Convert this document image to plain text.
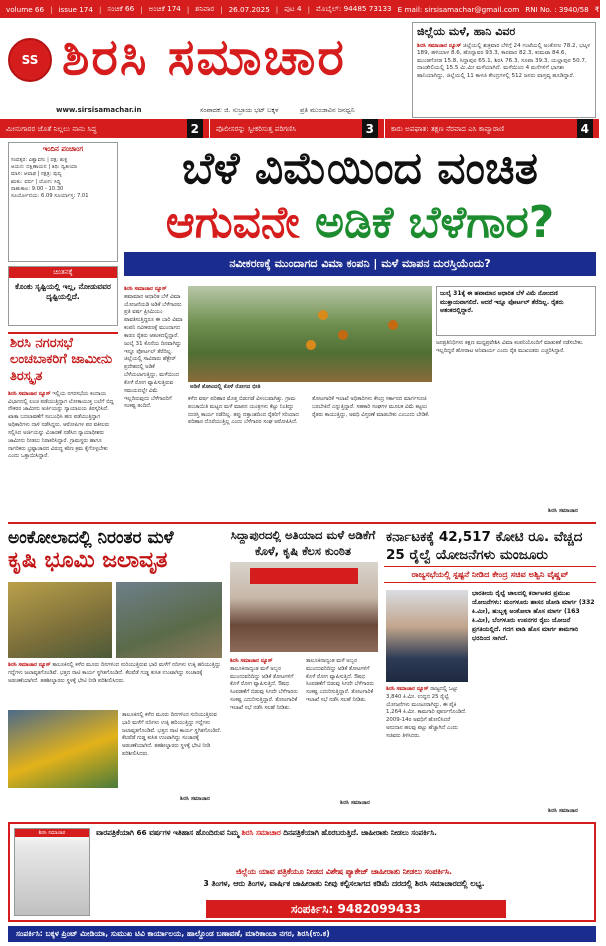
volume 66 | issue 174 | ಸಂಚಿಕೆ 66 | ಅಂಚಿಕೆ 174 | ಶನಿವಾರ | 26.07.2025 | ಪುಟ 4 | ಮೊಬೈಲ್: 94485 73133 E mail: sirsisamachar@gmail.com RNI No. : 3940/58 ₹ 3
SS ಶಿರಸಿ ಸಮಾಚಾರ
www.sirsisamachar.in	ಸಂಪಾದಕ: ಜಿ. ಸುಬ್ರಾಯ ಭಟ್ ಬಕ್ಕಳ	ಪ್ರತಿ ಮುಂಜಾವಿನ ಜನಧ್ವನಿ
ಜಿಲ್ಲೆಯ ಮಳೆ, ಹಾನಿ ವಿವರ
ಶಿರಸಿ ಸಮಾಚಾರ ನ್ಯೂಸ್ ಜಿಲ್ಲೆಯಲ್ಲಿ ಶುಕ್ರವಾರ ಬೆಳಿಗ್ಗೆ 24 ಗಂಟೆಯಲ್ಲಿ ಅಂಕೋಲ 78.2, ಭಟ್ಕಳ 189, ಹಳಿಯಾಳ 8.6, ಹೊನ್ನಾವರ 93.3, ಕಾರವಾರ 82.3, ಕುಮಟಾ 84.6, ಮುಂಡಗೋಡ 15.8, ಸಿದ್ದಾಪುರ 65.1, ಶಿರಸಿ 76.3, ಸೂಪಾ 39.3, ಯಲ್ಲಾಪುರ 50.7, ದಾಂಡೇಲಿಯಲ್ಲಿ 15.5 ಮಿ.ಮೀ ಮಳೆಯಾಗಿದೆ. ಮಳೆಯಿಂದ 4 ಮನೆಗಳಿಗೆ ಭಾಗಶಃ ಹಾನಿಯಾಗಿದ್ದು, ಜಿಲ್ಲೆಯಲ್ಲಿ 11 ಕಾಳಜಿ ಕೇಂದ್ರಗಳಲ್ಲಿ 512 ಜನರು ವಾಸ್ತವ್ಯ ಹೂಡಿದ್ದಾರೆ.
ಮೀನುಗಾರರ ಜೊತೆ ನಿಲ್ಲಲು ನಾನು ಸಿದ್ಧ	2	ಪೊಲೀಸರನ್ನು ಸ್ವೀಕರಿಸುತ್ತ ಪರಿಗಣಿಸಿ	3	ಕಾರು ಅಪಘಾತ: ತಕ್ಷಣ ನೆರವಾದ ಎಸಿ ಕಾವ್ಯಾರಾಣಿ	4
ಇಂದಿನ ಪಂಚಾಂಗ
ಸಂವತ್ಸರ: ವಿಶ್ವಾವಸು | ಪಕ್ಷ: ಶುಕ್ಲ
ಆಯನ: ದಕ್ಷಿಣಾಯನ | ತಿಥಿ: ದ್ವಿತೀಯಾ
ಮಾಸ: ಆಷಾಢ | ನಕ್ಷತ್ರ: ಪುಷ್ಯ
ಋತು: ವರ್ಷ | ಯೋಗ: ಸಿದ್ಧಿ
ರಾಹುಕಾಲ: 9.00 - 10.30
ಸೂರ್ಯೋದಯ: 6.09 ಸೂರ್ಯಾಸ್ತ: 7.01
ಚಿಂತನಕ್ಕೆ
ಕೊಂಕು ಸೃಷ್ಟಿಯಲ್ಲಿ ಇಲ್ಲ, ನೋಡುವವರ ದೃಷ್ಟಿಯಲ್ಲಿದೆ.
ಶಿರಸಿ ನಗರಸಭೆ ಲಂಚಬಾಕರಿಗೆ ಜಾಮೀನು ತಿರಸ್ಕೃತ
ಶಿರಸಿ ಸಮಾಚಾರ ನ್ಯೂಸ್ ಇಲ್ಲಿಯ ನಗರಸಭೆಯ ಕಂದಾಯ ವಿಭಾಗದಲ್ಲಿ ಲಂಚ ಪಡೆಯುತ್ತಿದ್ದಾಗ ಲೋಕಾಯುಕ್ತ ಬಲೆಗೆ ಬಿದ್ದ ನೌಕರರ ಜಾಮೀನು ಅರ್ಜಿಯನ್ನು ನ್ಯಾಯಾಲಯ ತಿರಸ್ಕರಿಸಿದೆ. ಖಾತಾ ಬದಲಾವಣೆಗೆ ಸಂಬಂಧಿಸಿ ಹಣ ಪಡೆಯುತ್ತಿದ್ದಾಗ ಅಧಿಕಾರಿಗಳು ದಾಳಿ ನಡೆಸಿದ್ದರು. ಆರೋಪಿಗಳ ಪರ ವಕೀಲರು ಸಲ್ಲಿಸಿದ ಅರ್ಜಿಯನ್ನು ವಿಚಾರಣೆ ನಡೆಸಿದ ನ್ಯಾಯಾಧೀಶರು ಜಾಮೀನು ನೀಡಲು ನಿರಾಕರಿಸಿದ್ದಾರೆ. ಗ್ರಾಮಸ್ಥರು ಹಾಗೂ ನಾಗರಿಕರು ಭ್ರಷ್ಟಾಚಾರದ ವಿರುದ್ಧ ಕಠಿಣ ಕ್ರಮ ಕೈಗೊಳ್ಳಬೇಕು ಎಂದು ಒತ್ತಾಯಿಸಿದ್ದಾರೆ.
ಬೆಳೆ ವಿಮೆಯಿಂದ ವಂಚಿತ
ಆಗುವನೇ ಅಡಿಕೆ ಬೆಳೆಗಾರ?
ನವೀಕರಣಕ್ಕೆ ಮುಂದಾಗದ ವಿಮಾ ಕಂಪನಿ | ಮಳೆ ಮಾಪನ ದುರಸ್ತಿಯೆಂದು?
ಶಿರಸಿ ಸಮಾಚಾರ ನ್ಯೂಸ್ ಹವಾಮಾನ ಆಧಾರಿತ ಬೆಳೆ ವಿಮಾ ಯೋಜನೆಯಡಿ ಅಡಿಕೆ ಬೆಳೆಗಾರರು ಪ್ರತಿ ವರ್ಷ ಪ್ರೀಮಿಯಂ ಪಾವತಿಸುತ್ತಿದ್ದರೂ ಈ ಬಾರಿ ವಿಮಾ ಕಂಪನಿ ನವೀಕರಣಕ್ಕೆ ಮುಂದಾಗದ ಕಾರಣ ರೈತರು ಆತಂಕದಲ್ಲಿದ್ದಾರೆ. ಜುಲೈ 31 ಕೊನೆಯ ದಿನವಾಗಿದ್ದು ಇನ್ನೂ ಪೋರ್ಟಲ್ ತೆರೆದಿಲ್ಲ. ಜಿಲ್ಲೆಯಲ್ಲಿ ಸಾವಿರಾರು ಹೆಕ್ಟೇರ್ ಪ್ರದೇಶದಲ್ಲಿ ಅಡಿಕೆ ಬೆಳೆಯಲಾಗುತ್ತಿದ್ದು, ಮಳೆಯಿಂದ ಕೊಳೆ ರೋಗ ವ್ಯಾಪಿಸುತ್ತಿರುವ ಸಮಯದಲ್ಲೇ ವಿಮೆ ಇಲ್ಲದಿರುವುದು ಬೆಳೆಗಾರರಿಗೆ ಸಂಕಷ್ಟ ತಂದಿದೆ.
ಜುಲೈ 31ಕ್ಕೆ ಈ ಹವಾಮಾನ ಆಧಾರಿತ ಬೆಳೆ ವಿಮೆ ನೋಂದಣಿ ಮುಕ್ತಾಯವಾಗಲಿದೆ. ಆದರೆ ಇನ್ನೂ ಪೋರ್ಟಲ್ ತೆರೆದಿಲ್ಲ. ರೈತರು ಆತಂಕದಲ್ಲಿದ್ದಾರೆ.
ಅಡಿಕೆ ತೋಟದಲ್ಲಿ ಕೊಳೆ ರೋಗದ ಭೀತಿ
ಕಳೆದ ವರ್ಷ ಪರಿಹಾರ ಮೊತ್ತ ಬಿಡುಗಡೆ ವಿಳಂಬವಾಗಿತ್ತು. ಗ್ರಾಮ ಪಂಚಾಯಿತಿ ಮಟ್ಟದ ಮಳೆ ಮಾಪನ ಯಂತ್ರಗಳು ಕೆಟ್ಟು ನಿಂತಿದ್ದು ದುರಸ್ತಿ ಕಾರ್ಯ ನಡೆದಿಲ್ಲ. ತಪ್ಪು ದತ್ತಾಂಶದಿಂದ ರೈತರಿಗೆ ಸರಿಯಾದ ಪರಿಹಾರ ದೊರೆಯುತ್ತಿಲ್ಲ ಎಂದು ಬೆಳೆಗಾರರ ಸಂಘ ಆರೋಪಿಸಿದೆ.
ತೋಟಗಾರಿಕೆ ಇಲಾಖೆ ಅಧಿಕಾರಿಗಳು ಕೇಂದ್ರ ಸರ್ಕಾರದ ಮಾರ್ಗಸೂಚಿ ಬರಬೇಕಿದೆ ಎನ್ನುತ್ತಿದ್ದಾರೆ. ಸಹಕಾರಿ ಸಂಘಗಳ ಮೂಲಕ ವಿಮೆ ಕಟ್ಟಲು ರೈತರು ಕಾಯುತ್ತಿದ್ದು, ಅವಧಿ ವಿಸ್ತರಣೆ ಮಾಡಬೇಕು ಎಂಬುದು ಬೇಡಿಕೆ.
ಜನಪ್ರತಿನಿಧಿಗಳು ತಕ್ಷಣ ಮಧ್ಯಪ್ರವೇಶಿಸಿ ವಿಮಾ ಕಂಪನಿಯೊಂದಿಗೆ ಮಾತುಕತೆ ನಡೆಸಬೇಕು. ಇಲ್ಲದಿದ್ದರೆ ಹೋರಾಟ ಅನಿವಾರ್ಯ ಎಂದು ರೈತ ಮುಖಂಡರು ಎಚ್ಚರಿಸಿದ್ದಾರೆ.
ಶಿರಸಿ ಸಮಾಚಾರ
ಅಂಕೋಲಾದಲ್ಲಿ ನಿರಂತರ ಮಳೆ
ಕೃಷಿ ಭೂಮಿ ಜಲಾವೃತ
ಶಿರಸಿ ಸಮಾಚಾರ ನ್ಯೂಸ್ ತಾಲೂಕಿನಲ್ಲಿ ಕಳೆದ ಮೂರು ದಿನಗಳಿಂದ ಸುರಿಯುತ್ತಿರುವ ಭಾರಿ ಮಳೆಗೆ ನದಿಗಳು ಉಕ್ಕಿ ಹರಿಯುತ್ತಿದ್ದು ಗದ್ದೆಗಳು ಜಲಾವೃತಗೊಂಡಿವೆ. ಭತ್ತದ ನಾಟಿ ಕಾರ್ಯ ಸ್ಥಗಿತಗೊಂಡಿದೆ. ಕೆಲವೆಡೆ ಗುಡ್ಡ ಕುಸಿತ ಉಂಟಾಗಿದ್ದು ಸಂಚಾರಕ್ಕೆ ಅಡಚಣೆಯಾಗಿದೆ. ತಹಶೀಲ್ದಾರರು ಸ್ಥಳಕ್ಕೆ ಭೇಟಿ ನೀಡಿ ಪರಿಶೀಲಿಸಿದರು.
ತಾಲೂಕಿನಲ್ಲಿ ಕಳೆದ ಮೂರು ದಿನಗಳಿಂದ ಸುರಿಯುತ್ತಿರುವ ಭಾರಿ ಮಳೆಗೆ ನದಿಗಳು ಉಕ್ಕಿ ಹರಿಯುತ್ತಿದ್ದು ಗದ್ದೆಗಳು ಜಲಾವೃತಗೊಂಡಿವೆ. ಭತ್ತದ ನಾಟಿ ಕಾರ್ಯ ಸ್ಥಗಿತಗೊಂಡಿದೆ. ಕೆಲವೆಡೆ ಗುಡ್ಡ ಕುಸಿತ ಉಂಟಾಗಿದ್ದು ಸಂಚಾರಕ್ಕೆ ಅಡಚಣೆಯಾಗಿದೆ. ತಹಶೀಲ್ದಾರರು ಸ್ಥಳಕ್ಕೆ ಭೇಟಿ ನೀಡಿ ಪರಿಶೀಲಿಸಿದರು.
ಶಿರಸಿ ಸಮಾಚಾರ
ಸಿದ್ದಾಪುರದಲ್ಲಿ ಅತಿಯಾದ ಮಳೆ ಅಡಿಕೆಗೆ ಕೊಳೆ, ಕೃಷಿ ಕೆಲಸ ಕುಂಠಿತ
ಶಿರಸಿ ಸಮಾಚಾರ ನ್ಯೂಸ್ ತಾಲೂಕಿನಾದ್ಯಂತ ಮಳೆ ಅಬ್ಬರ ಮುಂದುವರಿದಿದ್ದು ಅಡಿಕೆ ತೋಟಗಳಿಗೆ ಕೊಳೆ ರೋಗ ವ್ಯಾಪಿಸುತ್ತಿದೆ. ಔಷಧ ಸಿಂಪಡಣೆಗೆ ಬಿಡುವು ಸಿಗದೇ ಬೆಳೆಗಾರರು ಸಂಕಷ್ಟ ಎದುರಿಸುತ್ತಿದ್ದಾರೆ. ತೋಟಗಾರಿಕೆ ಇಲಾಖೆ ಸಭೆ ನಡೆಸಿ ಸಲಹೆ ನೀಡಿತು.
ತಾಲೂಕಿನಾದ್ಯಂತ ಮಳೆ ಅಬ್ಬರ ಮುಂದುವರಿದಿದ್ದು ಅಡಿಕೆ ತೋಟಗಳಿಗೆ ಕೊಳೆ ರೋಗ ವ್ಯಾಪಿಸುತ್ತಿದೆ. ಔಷಧ ಸಿಂಪಡಣೆಗೆ ಬಿಡುವು ಸಿಗದೇ ಬೆಳೆಗಾರರು ಸಂಕಷ್ಟ ಎದುರಿಸುತ್ತಿದ್ದಾರೆ. ತೋಟಗಾರಿಕೆ ಇಲಾಖೆ ಸಭೆ ನಡೆಸಿ ಸಲಹೆ ನೀಡಿತು.
ಶಿರಸಿ ಸಮಾಚಾರ
ಕರ್ನಾಟಕಕ್ಕೆ 42,517 ಕೋಟಿ ರೂ. ವೆಚ್ಚದ 25 ರೈಲ್ವೆ ಯೋಜನೆಗಳು ಮಂಜೂರು
ರಾಜ್ಯಸಭೆಯಲ್ಲಿ ಸ್ಪಷ್ಟನೆ ನೀಡಿದ ಕೇಂದ್ರ ಸಚಿವ ಅಶ್ವಿನಿ ವೈಷ್ಣವ್
ಭಾರತೀಯ ರೈಲ್ವೆ ಜಾಲದಲ್ಲಿ ಕರ್ನಾಟಕದ ಪ್ರಮುಖ ಯೋಜನೆಗಳು: ಮಂಗಳೂರು ಹಾಸನ ಜೋಡಿ ಮಾರ್ಗ (332 ಕಿ.ಮೀ), ಹುಬ್ಬಳ್ಳಿ ಅಂಕೋಲಾ ಹೊಸ ಮಾರ್ಗ (163 ಕಿ.ಮೀ), ಬೆಂಗಳೂರು ಉಪನಗರ ರೈಲು ಯೋಜನೆ ಪ್ರಗತಿಯಲ್ಲಿದೆ. ಗದಗ ವಾಡಿ ಹೊಸ ಮಾರ್ಗ ಕಾಮಗಾರಿ ಭರದಿಂದ ಸಾಗಿದೆ.
ಶಿರಸಿ ಸಮಾಚಾರ ನ್ಯೂಸ್ ರಾಜ್ಯದಲ್ಲಿ ಒಟ್ಟು 3,840 ಕಿ.ಮೀ. ಉದ್ದದ 25 ರೈಲ್ವೆ ಯೋಜನೆಗಳು ಮಂಜೂರಾಗಿದ್ದು, ಈ ಪೈಕಿ 1,264 ಕಿ.ಮೀ. ಕಾಮಗಾರಿ ಪೂರ್ಣಗೊಂಡಿದೆ. 2009-14ರ ಅವಧಿಗೆ ಹೋಲಿಸಿದರೆ ಅನುದಾನ ಹಲವು ಪಟ್ಟು ಹೆಚ್ಚಾಗಿದೆ ಎಂದು ಸಚಿವರು ತಿಳಿಸಿದರು.
ಶಿರಸಿ ಸಮಾಚಾರ
ಶಿರಸಿ ಸಮಾಚಾರ	ವಾರಪತ್ರಿಕೆಯಾಗಿ 66 ವರ್ಷಗಳ ಇತಿಹಾಸ ಹೊಂದಿರುವ ನಿಮ್ಮ ಶಿರಸಿ ಸಮಾಚಾರ ದಿನಪತ್ರಿಕೆಯಾಗಿ ಹೊರಬರುತ್ತಿದೆ. ಜಾಹೀರಾತು ನೀಡಲು ಸಂಪರ್ಕಿಸಿ.
ಜಿಲ್ಲೆಯ ಯಾವ ಪತ್ರಿಕೆಯೂ ನೀಡದ ವಿಶೇಷ ಪ್ಯಾಕೇಜ್ ಜಾಹೀರಾತು ನೀಡಲು ಸಂಪರ್ಕಿಸಿ.
3 ತಿಂಗಳ, ಆರು ತಿಂಗಳ, ವಾರ್ಷಿಕ ಜಾಹೀರಾತು ನೀವು ಕಲ್ಪಿಸಲಾಗದ ಕಡಿಮೆ ದರದಲ್ಲಿ ಶಿರಸಿ ಸಮಾಚಾರದಲ್ಲಿ ಲಭ್ಯ.
ಸಂಪರ್ಕಿಸಿ: 9482099433
ಸಂಪರ್ಕಿಸಿ: ಬಕ್ಕಳ ಪ್ರಿಂಟ್ ಮೀಡಿಯಾ, ಸುಮುಖ ಟಿವಿ ಕಾರ್ಯಾಲಯ, ಹಾಲ್ದೊಂಡ ಬಣಾವಣೆ, ಮಾರಿಕಾಂಬಾ ನಗರ, ಶಿರಸಿ(ಉ.ಕ)
